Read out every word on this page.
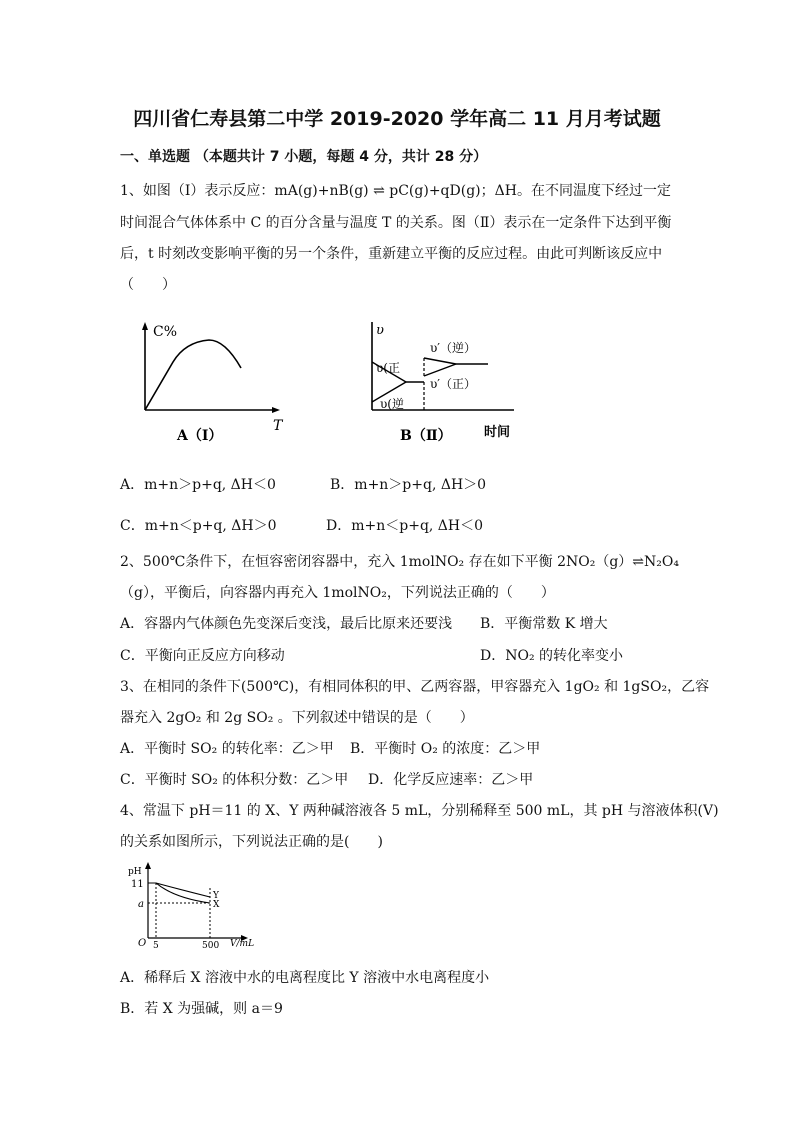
四川省仁寿县第二中学 2019-2020 学年高二 11 月月考试题
一、单选题 （本题共计 7 小题，每题 4 分，共计 28 分）
1、如图（Ⅰ）表示反应：mA(g)+nB(g) ⇌ pC(g)+qD(g)；ΔH。在不同温度下经过一定
时间混合气体体系中 C 的百分含量与温度 T 的关系。图（Ⅱ）表示在一定条件下达到平衡
后，t 时刻改变影响平衡的另一个条件，重新建立平衡的反应过程。由此可判断该反应中
（　　）
C%
T
A（Ⅰ）
υ
υ(正
υ(逆
υ′（逆）
υ′（正）
时间
B（Ⅱ）
A．m+n＞p+q, ΔH＜0	B．m+n＞p+q, ΔH＞0
C．m+n＜p+q, ΔH＞0	D．m+n＜p+q, ΔH＜0
2、500℃条件下，在恒容密闭容器中，充入 1molNO₂ 存在如下平衡 2NO₂（g）⇌N₂O₄
（g），平衡后，向容器内再充入 1molNO₂，下列说法正确的（　　）
A．容器内气体颜色先变深后变浅，最后比原来还要浅 B．平衡常数 K 增大
C．平衡向正反应方向移动	D．NO₂ 的转化率变小
3、在相同的条件下(500℃)，有相同体积的甲、乙两容器，甲容器充入 1gO₂ 和 1gSO₂，乙容
器充入 2gO₂ 和 2g SO₂ 。下列叙述中错误的是（　　）
A．平衡时 SO₂ 的转化率：乙＞甲 B．平衡时 O₂ 的浓度：乙＞甲
C．平衡时 SO₂ 的体积分数：乙＞甲 D．化学反应速率：乙＞甲
4、常温下 pH＝11 的 X、Y 两种碱溶液各 5 mL，分别稀释至 500 mL，其 pH 与溶液体积(V)
的关系如图所示，下列说法正确的是(　　)
pH
11
a
O 5	500 V/mL
Y
X
A．稀释后 X 溶液中水的电离程度比 Y 溶液中水电离程度小
B．若 X 为强碱，则 a＝9
